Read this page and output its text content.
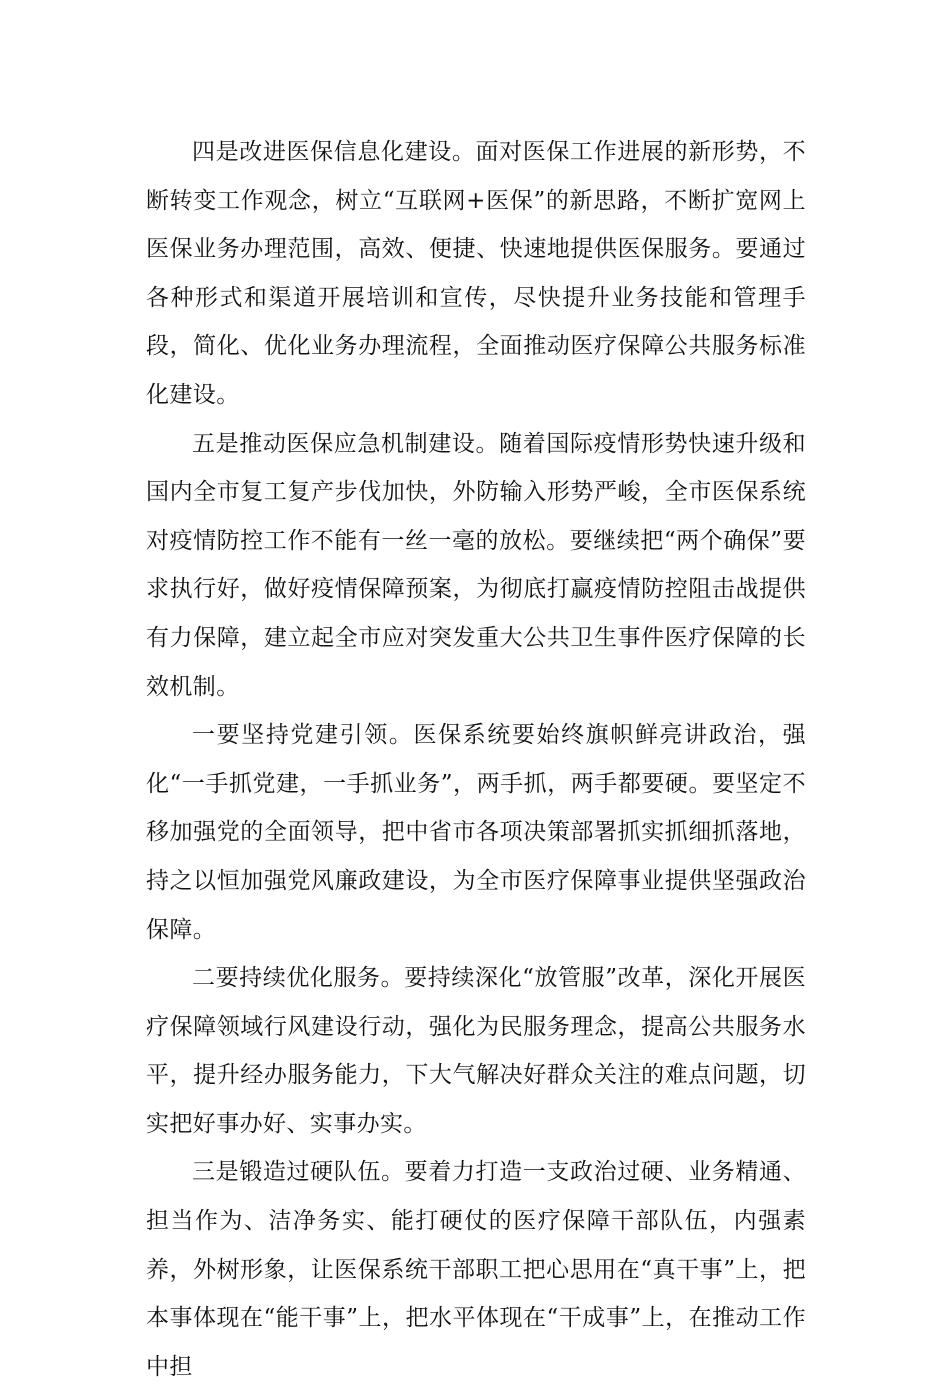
四是改进医保信息化建设。面对医保工作进展的新形势，不断转变工作观念，树立“互联网+医保”的新思路，不断扩宽网上医保业务办理范围，高效、便捷、快速地提供医保服务。要通过各种形式和渠道开展培训和宣传，尽快提升业务技能和管理手段，简化、优化业务办理流程，全面推动医疗保障公共服务标准化建设。

五是推动医保应急机制建设。随着国际疫情形势快速升级和国内全市复工复产步伐加快，外防输入形势严峻，全市医保系统对疫情防控工作不能有一丝一毫的放松。要继续把“两个确保”要求执行好，做好疫情保障预案，为彻底打赢疫情防控阻击战提供有力保障，建立起全市应对突发重大公共卫生事件医疗保障的长效机制。

一要坚持党建引领。医保系统要始终旗帜鲜亮讲政治，强化“一手抓党建，一手抓业务”，两手抓，两手都要硬。要坚定不移加强党的全面领导，把中省市各项决策部署抓实抓细抓落地，持之以恒加强党风廉政建设，为全市医疗保障事业提供坚强政治保障。

二要持续优化服务。要持续深化“放管服”改革，深化开展医疗保障领域行风建设行动，强化为民服务理念，提高公共服务水平，提升经办服务能力，下大气解决好群众关注的难点问题，切实把好事办好、实事办实。

三是锻造过硬队伍。要着力打造一支政治过硬、业务精通、担当作为、洁净务实、能打硬仗的医疗保障干部队伍，内强素养，外树形象，让医保系统干部职工把心思用在“真干事”上，把本事体现在“能干事”上，把水平体现在“干成事”上，在推动工作中担
